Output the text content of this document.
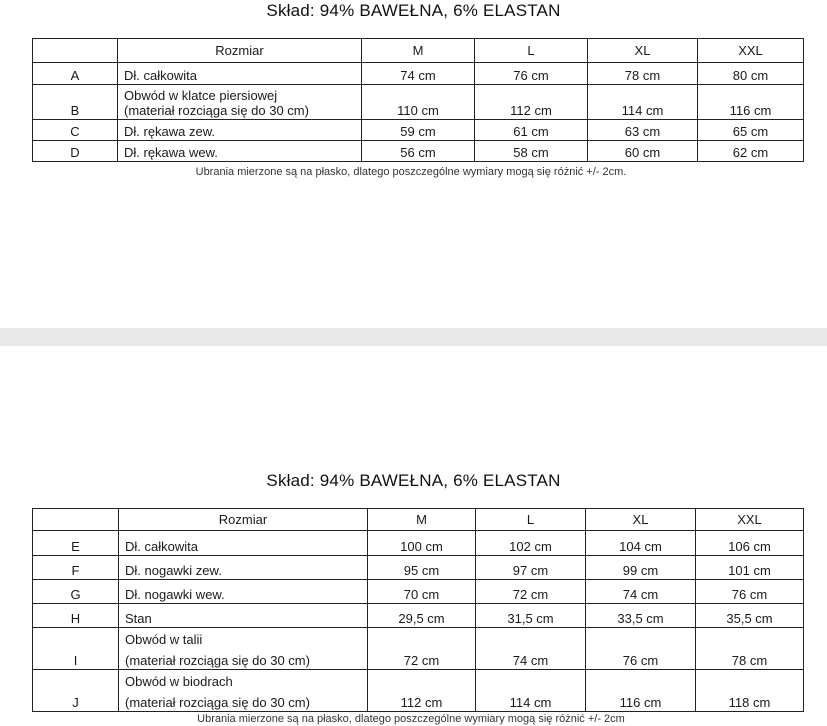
Skład: 94% BAWEŁNA, 6% ELASTAN
	Rozmiar	M	L	XL	XXL
A	Dł. całkowita	74 cm	76 cm	78 cm	80 cm
B	Obwód w klatce piersiowej
(materiał rozciąga się do 30 cm)	110 cm	112 cm	114 cm	116 cm
C	Dł. rękawa zew.	59 cm	61 cm	63 cm	65 cm
D	Dł. rękawa wew.	56 cm	58 cm	60 cm	62 cm
Ubrania mierzone są na płasko, dlatego poszczególne wymiary mogą się różnić +/- 2cm.
Skład: 94% BAWEŁNA, 6% ELASTAN
	Rozmiar	M	L	XL	XXL
E	Dł. całkowita	100 cm	102 cm	104 cm	106 cm
F	Dł. nogawki zew.	95 cm	97 cm	99 cm	101 cm
G	Dł. nogawki wew.	70 cm	72 cm	74 cm	76 cm
H	Stan	29,5 cm	31,5 cm	33,5 cm	35,5 cm
I	Obwód w talii
(materiał rozciąga się do 30 cm)	72 cm	74 cm	76 cm	78 cm
J	Obwód w biodrach
(materiał rozciąga się do 30 cm)	112 cm	114 cm	116 cm	118 cm
Ubrania mierzone są na płasko, dlatego poszczególne wymiary mogą się różnić +/- 2cm
